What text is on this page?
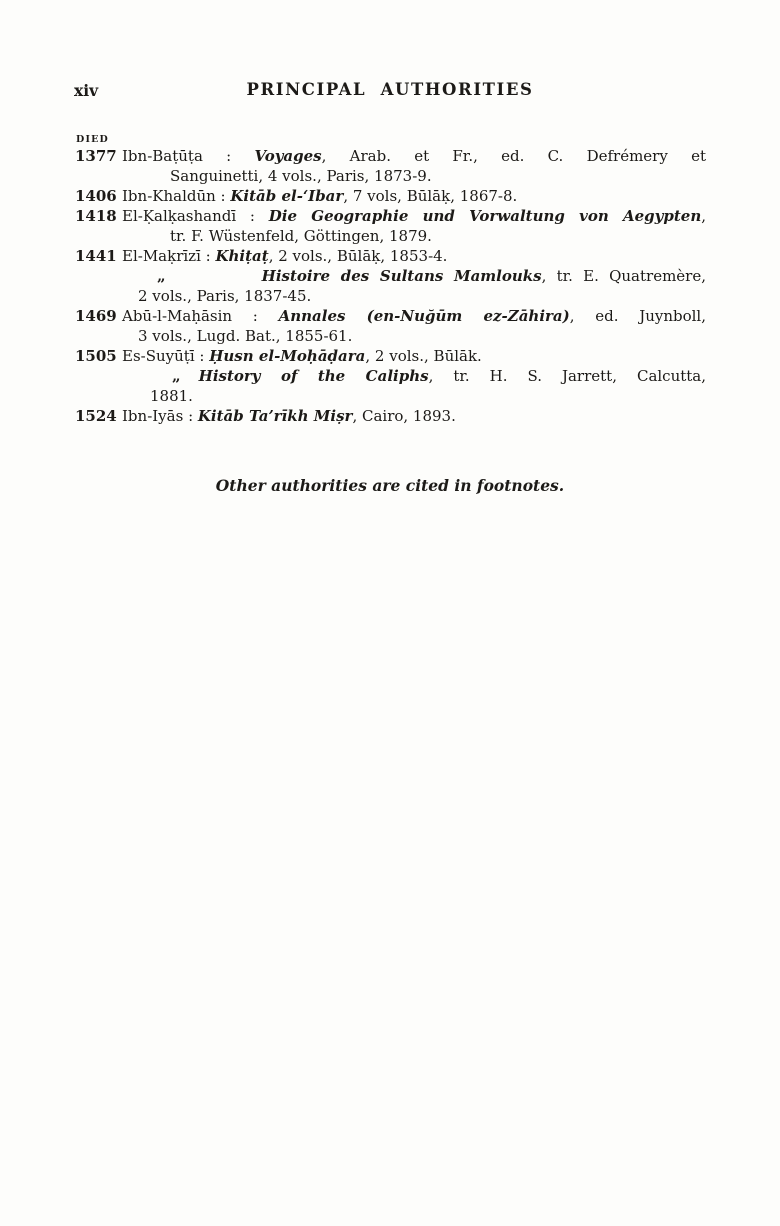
xiv	PRINCIPAL AUTHORITIES
DIED
1377 Ibn-Baṭūṭa : Voyages, Arab. et Fr., ed. C. Defrémery et
Sanguinetti, 4 vols., Paris, 1873-9.
1406 Ibn-Khaldūn : Kitāb el-ʻIbar, 7 vols, Būlāḳ, 1867-8.
1418 El-Ḳalḳashandī : Die Geographie und Vorwaltung von Aegypten,
tr. F. Wüstenfeld, Göttingen, 1879.
1441 El-Maḳrīzī : Khiṭaṭ, 2 vols., Būlāḳ, 1853-4.
„	Histoire des Sultans Mamlouks, tr. E. Quatremère,
2 vols., Paris, 1837-45.
1469 Abū-l-Maḥāsin : Annales (en-Nuğūm ez-Zāhira), ed. Juynboll,
3 vols., Lugd. Bat., 1855-61.
1505 Es-Suyūṭī : Ḥusn el-Moḥāḍara, 2 vols., Būlāk.
„ History of the Caliphs, tr. H. S. Jarrett, Calcutta,
1881.
1524 Ibn-Iyās : Kitāb Taʼrīkh Miṣr, Cairo, 1893.
Other authorities are cited in footnotes.
